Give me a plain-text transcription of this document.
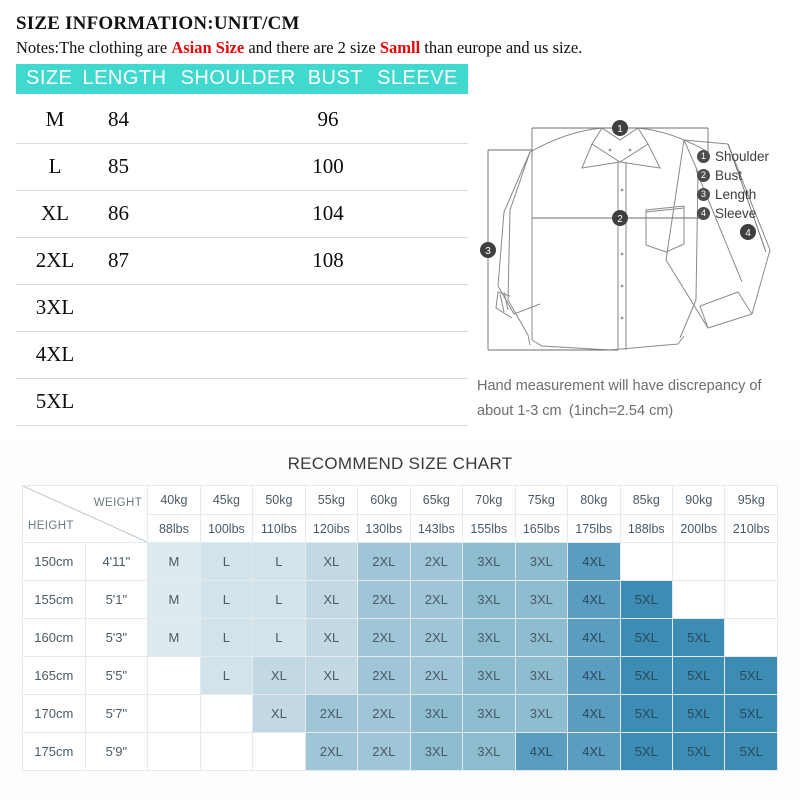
SIZE INFORMATION:UNIT/CM
Notes:The clothing are Asian Size and there are 2 size Samll than europe and us size.
SIZE LENGTH SHOULDER BUST SLEEVE
M	84		96	
L	85		100	
XL	86		104	
2XL	87		108	
3XL				
4XL				
5XL				
1
2
3
4
1 Shoulder
2 Bust
3 Length
4 Sleeve
Hand measurement will have discrepancy of
about 1-3 cm (1inch=2.54 cm)
RECOMMEND SIZE CHART
WEIGHT
HEIGHT		40kg	45kg	50kg	55kg	60kg	65kg	70kg	75kg	80kg	85kg	90kg	95kg
		88lbs	100lbs	110lbs	120ibs	130lbs	143lbs	155lbs	165lbs	175lbs	188lbs	200lbs	210lbs
150cm	4'11"	M	L	L	XL	2XL	2XL	3XL	3XL	4XL			
155cm	5'1"	M	L	L	XL	2XL	2XL	3XL	3XL	4XL	5XL		
160cm	5'3"	M	L	L	XL	2XL	2XL	3XL	3XL	4XL	5XL	5XL	
165cm	5'5"		L	XL	XL	2XL	2XL	3XL	3XL	4XL	5XL	5XL	5XL
170cm	5'7"			XL	2XL	2XL	3XL	3XL	3XL	4XL	5XL	5XL	5XL
175cm	5'9"				2XL	2XL	3XL	3XL	4XL	4XL	5XL	5XL	5XL
